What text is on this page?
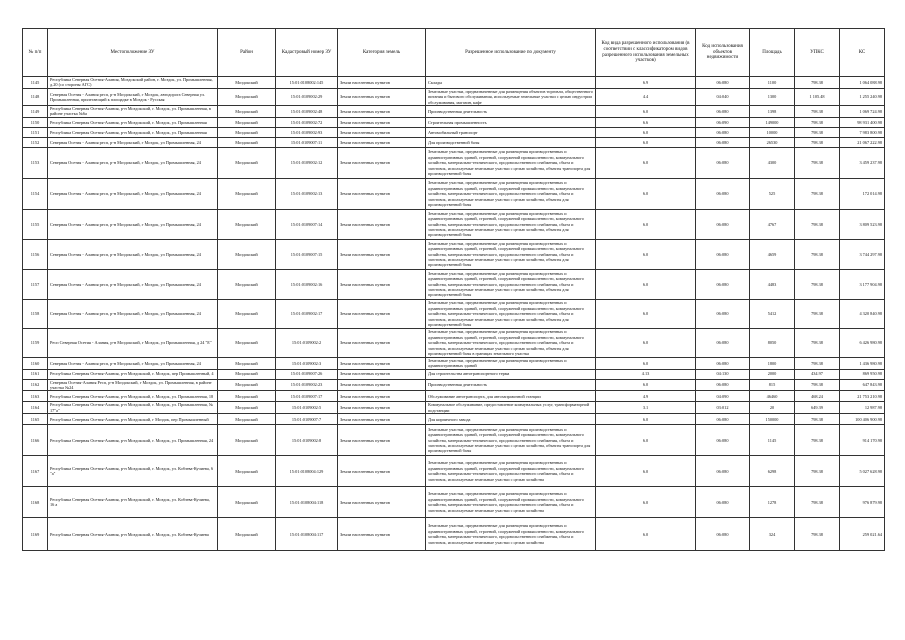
№ п/п	Местоположение ЗУ	Район	Кадастровый номер ЗУ	Категория земель	Разрешенное использование по документу	Код вида разрешенного использования (в соответствии с классификатором видов разрешенного использования земельных участков)	Код использования объектов недвижимости	Площадь	УПКС	КС
1145	Республика Северная Осетия-Алания, Моздокский район, г. Моздок, ул. Промышленная, д.20 (со стороны АГС)	Моздокский	15:01:0108002:145	Земли населенных пунктов	Склады	6.9	06:080	1100	798.38	1 064 088.98
1148	Северная Осетия - Алания респ, р-н Моздокский, г Моздок, автодорога Северная ул. Промышленная, прилегающий к площадке в Моздок - Русская	Моздокский	15:01:0109002:29	Земли населенных пунктов	Земельные участки, предназначенные для размещения объектов торговли, общественного питания и бытового обслуживания, используемые земельные участки с целью индустрии обслуживания, магазин, кафе	4.4	04:040	1300	1 105.48	1 255 240.98
1149	Республика Северная Осетия-Алания, р-н Моздокский, г. Моздок, ул. Промышленная, в районе участка №6а	Моздокский	15:01:0109002:48	Земли населенных пунктов	Производственная деятельность	6.0	06:080	1398	798.38	1 069 724.98
1150	Республика Северная Осетия-Алания, р-н Моздокский, г. Моздок, ул. Промышленная	Моздокский	15:01:0109002:72	Земли населенных пунктов	Строительная промышленность	6.6	06:090	149000	798.38	98 931 400.98
1151	Республика Северная Осетия-Алания, р-н Моздокский, г. Моздок, ул. Промышленная	Моздокский	15:01:0109002:93	Земли населенных пунктов	Автомобильный транспорт	6.0	06:080	10000	798.38	7 983 800.98
1152	Северная Осетия - Алания респ, р-н Моздокский, г Моздок, ул Промышленная, 24	Моздокский	15:01:0109007:11	Земли населенных пунктов	Для производственной базы	6.0	06:080	26530	798.38	21 067 222.98
1153	Северная Осетия - Алания респ, р-н Моздокский, г Моздок, ул Промышленная, 24	Моздокский	15:01:0109002:12	Земли населенных пунктов	Земельные участки, предназначенные для размещения производственных и административных зданий, строений, сооружений промышленности, коммунального хозяйства, материально-технического, продовольственного снабжения, сбыта и заготовок, используемые земельные участки с целью хозяйства, объекты транспорта для производственной базы	6.0	06:080	4300	798.38	3 459 237.98
1154	Северная Осетия - Алания респ, р-н Моздокский, г Моздок, ул Промышленная, 24	Моздокский	15:01:0109002:13	Земли населенных пунктов	Земельные участки, предназначенные для размещения производственных и административных зданий, строений, сооружений промышленности, коммунального хозяйства, материально-технического, продовольственного снабжения, сбыта и заготовок, используемые земельные участки с целью хозяйства, объекты для производственной базы	6.0	06:080	525	798.38	172 014.98
1155	Северная Осетия - Алания респ, р-н Моздокский, г Моздок, ул Промышленная, 24	Моздокский	15:01:0109007:14	Земли населенных пунктов	Земельные участки, предназначенные для размещения производственных и административных зданий, строений, сооружений промышленности, коммунального хозяйства, материально-технического, продовольственного снабжения, сбыта и заготовок, используемые земельные участки с целью хозяйства, объекты для производственной базы	6.0	06:080	4767	798.38	3 809 523.98
1156	Северная Осетия - Алания респ, р-н Моздокский, г Моздок, ул Промышленная, 24	Моздокский	15:01:0109007:15	Земли населенных пунктов	Земельные участки, предназначенные для размещения производственных и административных зданий, строений, сооружений промышленности, коммунального хозяйства, материально-технического, продовольственного снабжения, сбыта и заготовок, используемые земельные участки с целью хозяйства, объекты для производственной базы	6.0	06:080	4659	798.38	3 744 297.98
1157	Северная Осетия - Алания респ, р-н Моздокский, г Моздок, ул Промышленная, 24	Моздокский	15:01:0109002:16	Земли населенных пунктов	Земельные участки, предназначенные для размещения производственных и административных зданий, строений, сооружений промышленности, коммунального хозяйства, материально-технического, продовольственного снабжения, сбыта и заготовок, используемые земельные участки с целью хозяйства, объекты для производственной базы	6.0	06:080	4483	798.38	3 177 904.98
1158	Северная Осетия - Алания респ, р-н Моздокский, г Моздок, ул Промышленная, 24	Моздокский	15:01:0109002:17	Земли населенных пунктов	Земельные участки, предназначенные для размещения производственных и административных зданий, строений, сооружений промышленности, коммунального хозяйства, материально-технического, продовольственного снабжения, сбыта и заготовок, используемые земельные участки с целью хозяйства, объекты для производственной базы	6.0	06:080	5412	798.38	4 320 840.98
1159	Респ Северная Осетия - Алания, р-н Моздокский, г Моздок, ул Промышленная, д 24 "Е"	Моздокский	15:01:0109002:2	Земли населенных пунктов	Земельные участки, предназначенные для размещения производственных и административных зданий, строений, сооружений промышленности, коммунального хозяйства, материально-технического, продовольственного снабжения, сбыта и заготовок, используемые земельные участки с целью хозяйства, объекты для производственной базы в границах земельного участка	6.0	06:080	8050	798.38	6 426 980.98
1160	Северная Осетия - Алания респ, р-н Моздокский, г Моздок, ул Промышленная, 24	Моздокский	15:01:0109002:3	Земли населенных пунктов	Земельные участки, предназначенные для размещения производственных и административных зданий	6.0	06:080	1800	798.38	1 436 980.98
1161	Республика Северная Осетия-Алания, р-н Моздокский, г. Моздок, пер Промышленный, 4	Моздокский	15:01:0109007:26	Земли населенных пунктов	Для строительства автотранспортного терма	4.13	04:130	2000	434.97	869 950.98
1162	Северная Осетия-Алания Респ, р-н Моздокский, г Моздок, ул. Промышленная, в районе участка №24	Моздокский	15:01:0109002:23	Земли населенных пунктов	Производственная деятельность	6.0	06:080	815	798.38	647 843.98
1163	Республика Северная Осетия-Алания, р-н Моздокский, г. Моздок, ул. Промышленная, 18	Моздокский	15:01:0109007:17	Земли населенных пунктов	Обслуживание автотранспорта, для автозаправочной станции	4.9	04:090	46460	468.24	21 753 210.98
1164	Республика Северная Осетия-Алания, р-н Моздокский, г. Моздок, ул. Промышленная, № 17"а"	Моздокский	15:01:0109002:5	Земли населенных пунктов	Коммунальное обслуживание, предоставление коммунальных услуг, трансформаторной подстанции	3.1	03:012	20	649.39	12 987.98
1165	Республика Северная Осетия-Алания, р-н Моздокский, г Моздок, пер Промышленный	Моздокский	15:01:0109007:7	Земли населенных пунктов	Для кирпичного завода	6.0	06:080	150000	798.38	100 406 900.98
1166	Республика Северная Осетия-Алания, р-н Моздокский, г. Моздок, ул. Промышленная, 24	Моздокский	15:01:0109002:8	Земли населенных пунктов	Земельные участки, предназначенные для размещения производственных и административных зданий, строений, сооружений промышленности, коммунального хозяйства, материально-технического, продовольственного снабжения, сбыта и заготовок, используемые земельные участки с целью хозяйства, объекты транспорта для производственной базы	6.0	06:080	1145	798.38	914 170.98
1167	Республика Северная Осетия-Алания, р-н Моздокский, г. Моздок, ул. Кобзева-Кучиева, 6 "а"	Моздокский	15:01:0108004:129	Земли населенных пунктов	Земельные участки, предназначенные для размещения производственных и административных зданий, строений, сооружений промышленности, коммунального хозяйства, материально-технического, продовольственного снабжения, сбыта и заготовок, используемые земельные участки с целью хозяйства	6.0	06:080	6298	798.38	5 027 628.98
1168	Республика Северная Осетия-Алания, р-н Моздокский, г. Моздок, ул. Кобзева-Кучиева, 16 а	Моздокский	15:01:0108004:118	Земли населенных пунктов	Земельные участки, предназначенные для размещения производственных и административных зданий, строений, сооружений промышленности, коммунального хозяйства, материально-технического, продовольственного снабжения, сбыта и заготовок, используемые земельные участки с целью хозяйства	6.0	06:080	1278	798.38	976 879.98
1169	Республика Северная Осетия-Алания, р-н Моздокский, г. Моздок, ул. Кобзева-Кучиева	Моздокский	15:01:0108004:117	Земли населенных пунктов	Земельные участки, предназначенные для размещения производственных и административных зданий, строений, сооружений промышленности, коммунального хозяйства, материально-технического, продовольственного снабжения, сбыта и заготовок, используемые земельные участки с целью хозяйства	6.0	06:080	324	798.38	259 021.64
